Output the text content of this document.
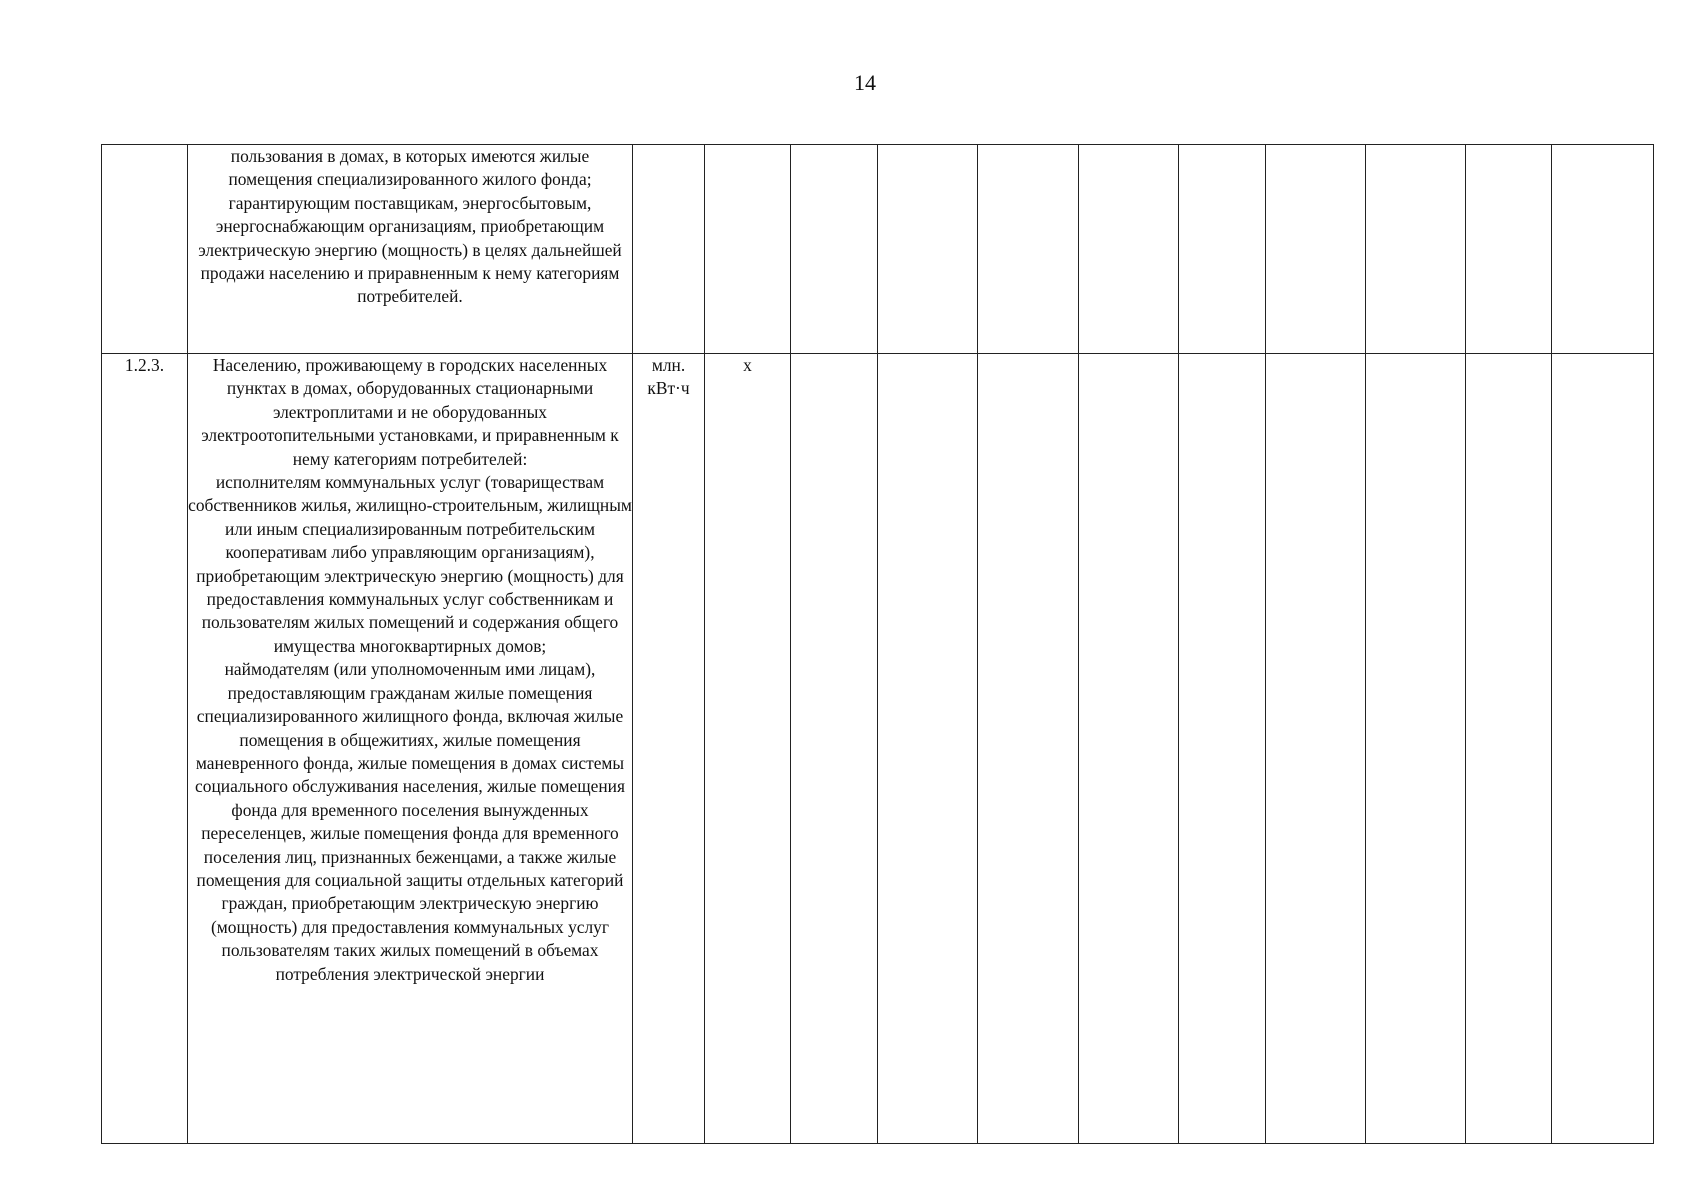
14

	пользования в домах, в которых имеются жилые помещения специализированного жилого фонда; гарантирующим поставщикам, энергосбытовым, энергоснабжающим организациям, приобретающим электрическую энергию (мощность) в целях дальнейшей продажи населению и приравненным к нему категориям потребителей.											

1.2.3.	Населению, проживающему в городских населенных пунктах в домах, оборудованных стационарными электроплитами и не оборудованных электроотопительными установками, и приравненным к нему категориям потребителей:

исполнителям коммунальных услуг (товариществам собственников жилья, жилищно-строительным, жилищным или иным специализированным потребительским кооперативам либо управляющим организациям), приобретающим электрическую энергию (мощность) для предоставления коммунальных услуг собственникам и пользователям жилых помещений и содержания общего имущества многоквартирных домов;

наймодателям (или уполномоченным ими лицам), предоставляющим гражданам жилые помещения специализированного жилищного фонда, включая жилые помещения в общежитиях, жилые помещения маневренного фонда, жилые помещения в домах системы социального обслуживания населения, жилые помещения фонда для временного поселения вынужденных переселенцев, жилые помещения фонда для временного поселения лиц, признанных беженцами, а также жилые помещения для социальной защиты отдельных категорий граждан, приобретающим электрическую энергию (мощность) для предоставления коммунальных услуг пользователям таких жилых помещений в объемах потребления электрической энергии	млн. кВт·ч	х									
